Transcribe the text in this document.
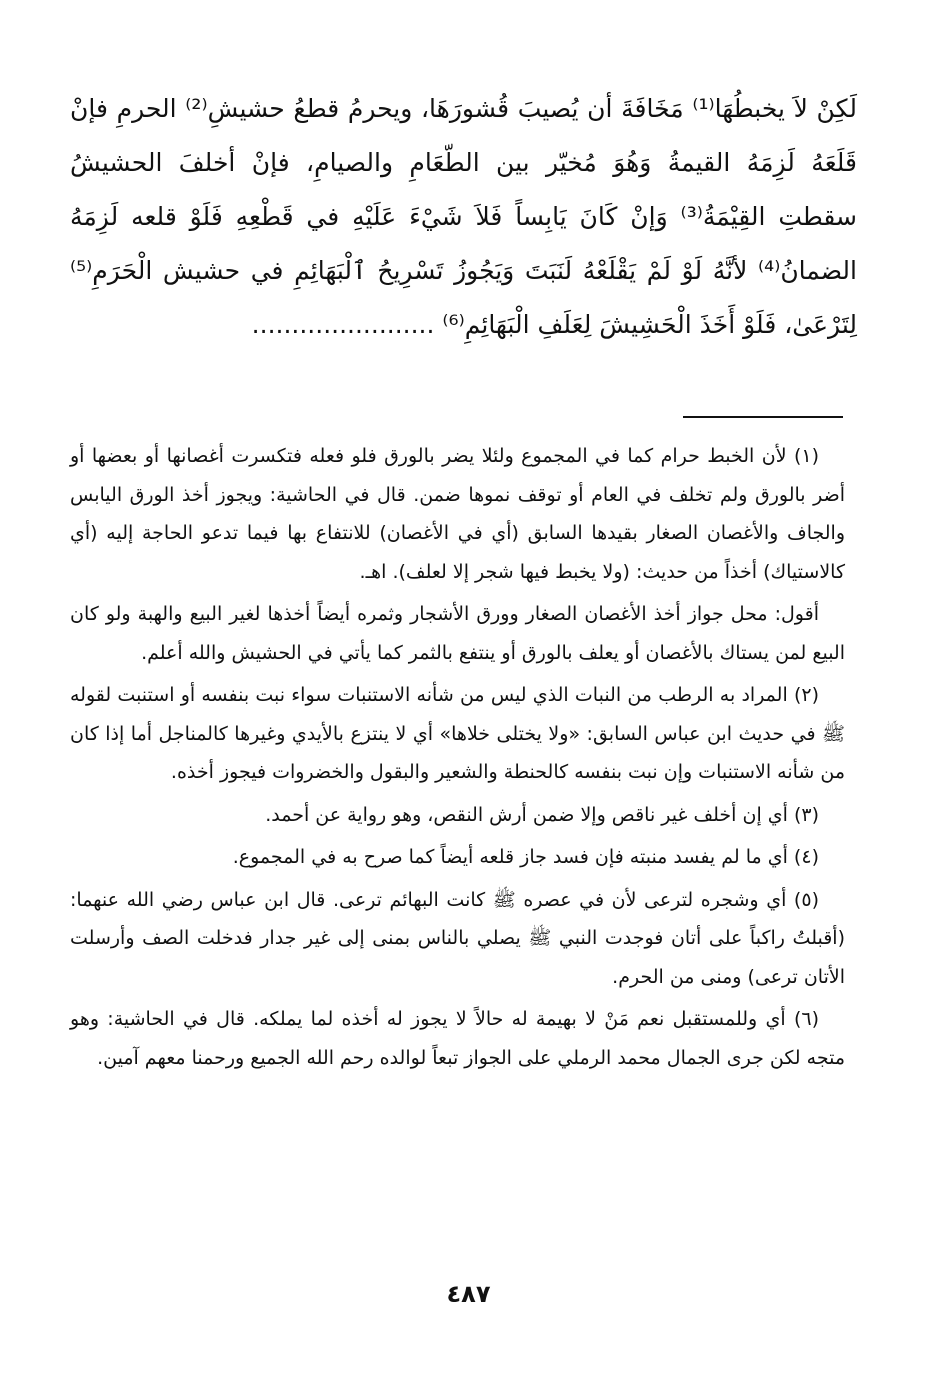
لَكِنْ لاَ يخبطُهَا⁽¹⁾ مَخَافَةَ أن يُصيبَ قُشورَهَا، ويحرمُ قطعُ حشيشِ⁽²⁾ الحرمِ فإنْ قَلَعَهُ لَزِمَهُ القيمةُ وَهُوَ مُخيّر بين الطّعَامِ والصيامِ، فإنْ أخلفَ الحشيشُ سقطتِ القِيْمَةُ⁽³⁾ وَإنْ كَانَ يَابِساً فَلاَ شَيْءَ عَلَيْهِ في قَطْعِهِ فَلَوْ قلعه لَزِمَهُ الضمانُ⁽⁴⁾ لأنَّهُ لَوْ لَمْ يَقْلَعْهُ لَنَبَتَ وَيَجُوزُ تَسْرِيحُ ٱلْبَهَائِمِ في حشيش الْحَرَمِ⁽⁵⁾ لِتَرْعَىٰ، فَلَوْ أَخَذَ الْحَشِيشَ لِعَلَفِ الْبَهَائِمِ⁽⁶⁾ .......................

(١) لأن الخبط حرام كما في المجموع ولئلا يضر بالورق فلو فعله فتكسرت أغصانها أو بعضها أو أضر بالورق ولم تخلف في العام أو توقف نموها ضمن. قال في الحاشية: ويجوز أخذ الورق اليابس والجاف والأغصان الصغار بقيدها السابق (أي في الأغصان) للانتفاع بها فيما تدعو الحاجة إليه (أي كالاستياك) أخذاً من حديث: (ولا يخبط فيها شجر إلا لعلف). اهـ.

أقول: محل جواز أخذ الأغصان الصغار وورق الأشجار وثمره أيضاً أخذها لغير البيع والهبة ولو كان البيع لمن يستاك بالأغصان أو يعلف بالورق أو ينتفع بالثمر كما يأتي في الحشيش والله أعلم.

(٢) المراد به الرطب من النبات الذي ليس من شأنه الاستنبات سواء نبت بنفسه أو استنبت لقوله ﷺ في حديث ابن عباس السابق: «ولا يختلى خلاها» أي لا ينتزع بالأيدي وغيرها كالمناجل أما إذا كان من شأنه الاستنبات وإن نبت بنفسه كالحنطة والشعير والبقول والخضروات فيجوز أخذه.

(٣) أي إن أخلف غير ناقص وإلا ضمن أرش النقص، وهو رواية عن أحمد.

(٤) أي ما لم يفسد منبته فإن فسد جاز قلعه أيضاً كما صرح به في المجموع.

(٥) أي وشجره لترعى لأن في عصره ﷺ كانت البهائم ترعى. قال ابن عباس رضي الله عنهما: (أقبلتُ راكباً على أتان فوجدت النبي ﷺ يصلي بالناس بمنى إلى غير جدار فدخلت الصف وأرسلت الأتان ترعى) ومنى من الحرم.

(٦) أي وللمستقبل نعم مَنْ لا بهيمة له حالاً لا يجوز له أخذه لما يملكه. قال في الحاشية: وهو متجه لكن جرى الجمال محمد الرملي على الجواز تبعاً لوالده رحم الله الجميع ورحمنا معهم آمين.

٤٨٧
